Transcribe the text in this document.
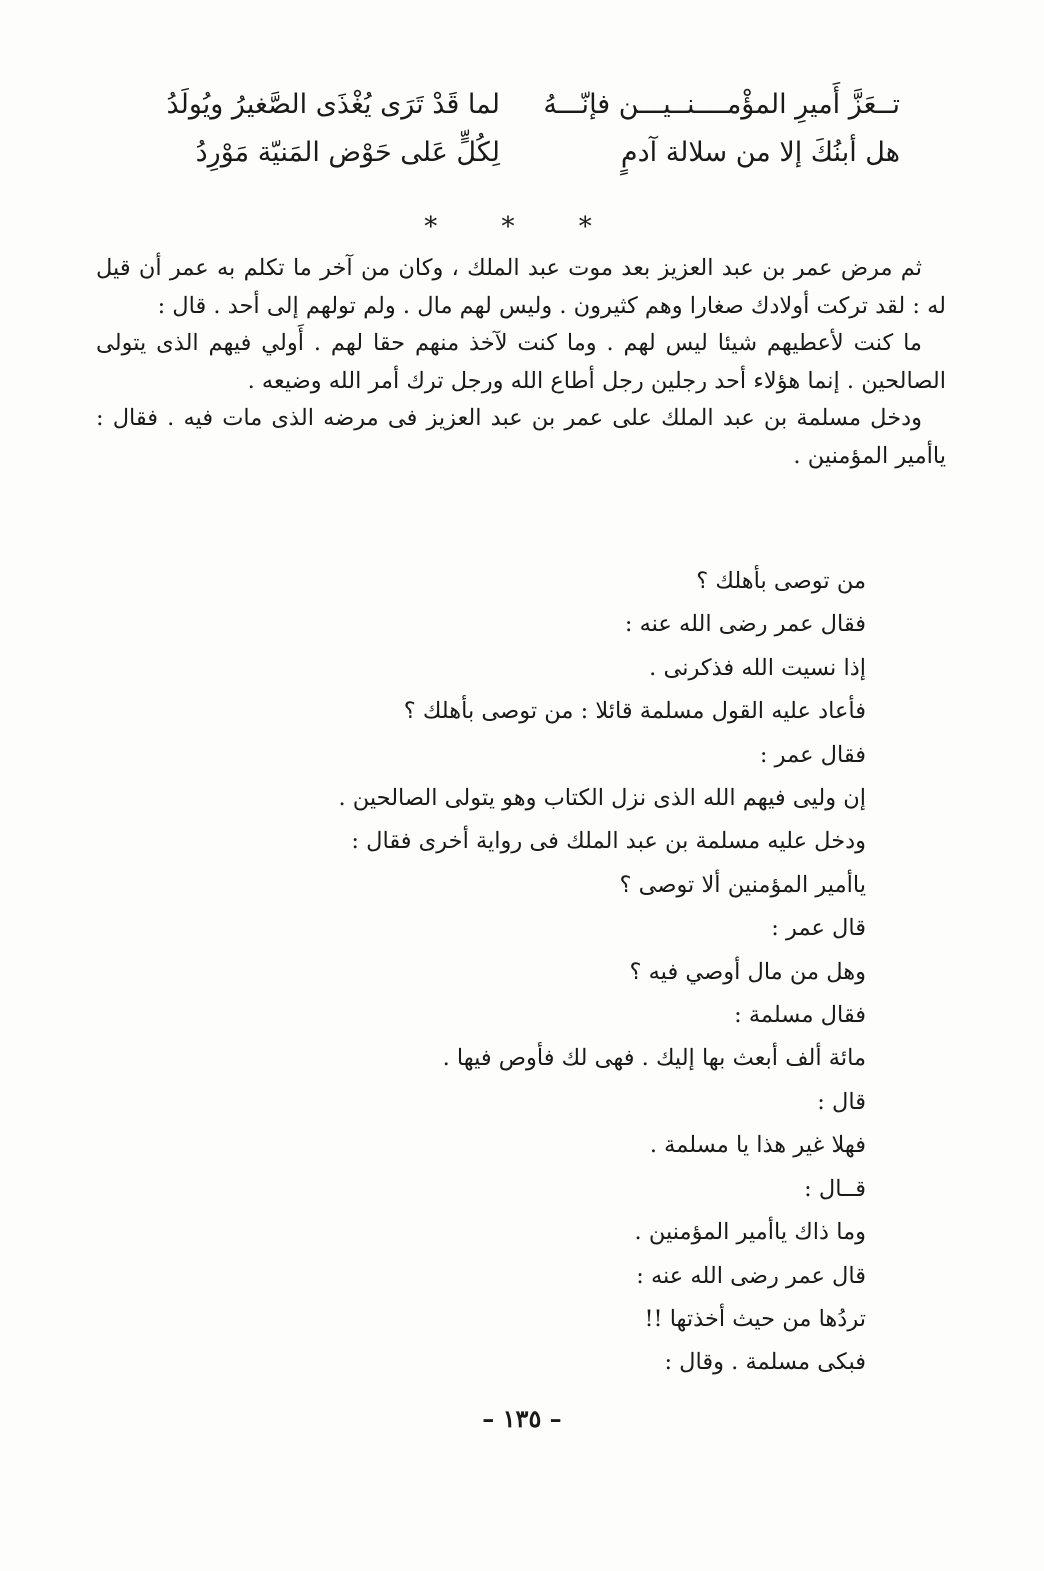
تــعَزَّ أَميرِ المؤْمــــنــيـــن فإنّـــهُ
لما قَدْ تَرَى يُغْذَى الصَّغيرُ ويُولَدُ
هل أبنُكَ إلا من سلالة آدمٍ
لِكُلٍّ عَلى حَوْض المَنيّة مَوْرِدُ
* * *

ثم مرض عمر بن عبد العزيز بعد موت عبد الملك ، وكان من آخر ما تكلم به عمر أن قيل له : لقد تركت أولادك صغارا وهم كثيرون . وليس لهم مال . ولم تولهم إلى أحد . قال :

ما كنت لأعطيهم شيئا ليس لهم . وما كنت لآخذ منهم حقا لهم . أَولي فيهم الذى يتولى الصالحين . إنما هؤلاء أحد رجلين رجل أطاع الله ورجل ترك أمر الله وضيعه .

ودخل مسلمة بن عبد الملك على عمر بن عبد العزيز فى مرضه الذى مات فيه . فقال : ياأمير المؤمنين .

من توصى بأهلك ؟
فقال عمر رضى الله عنه :
إذا نسيت الله فذكرنى .
فأعاد عليه القول مسلمة قائلا : من توصى بأهلك ؟
فقال عمر :
إن وليى فيهم الله الذى نزل الكتاب وهو يتولى الصالحين .
ودخل عليه مسلمة بن عبد الملك فى رواية أخرى فقال :
ياأمير المؤمنين ألا توصى ؟
قال عمر :
وهل من مال أوصي فيه ؟
فقال مسلمة :
مائة ألف أبعث بها إليك . فهى لك فأوص فيها .
قال :
فهلا غير هذا يا مسلمة .
قــال :
وما ذاك ياأمير المؤمنين .
قال عمر رضى الله عنه :
تردُها من حيث أخذتها !!
فبكى مسلمة . وقال :
– ١٣٥ –
